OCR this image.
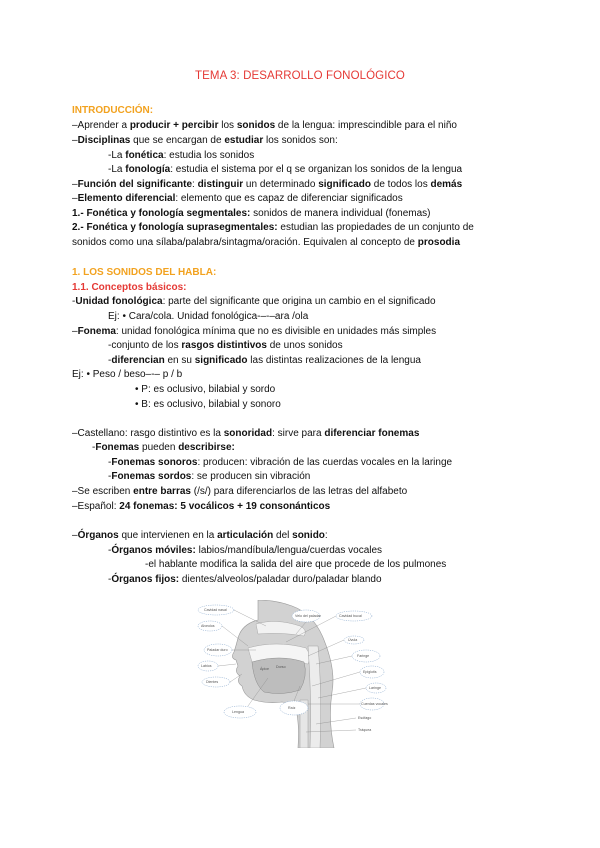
TEMA 3: DESARROLLO FONOLÓGICO
INTRODUCCIÓN:
–Aprender a producir + percibir los sonidos de la lengua: imprescindible para el niño
–Disciplinas que se encargan de estudiar los sonidos son:
-La fonética: estudia los sonidos
-La fonología: estudia el sistema por el q se organizan los sonidos de la lengua
–Función del significante: distinguir un determinado significado de todos los demás
–Elemento diferencial: elemento que es capaz de diferenciar significados
1.- Fonética y fonología segmentales: sonidos de manera individual (fonemas)
2.- Fonética y fonología suprasegmentales: estudian las propiedades de un conjunto de
sonidos como una sílaba/palabra/sintagma/oración. Equivalen al concepto de prosodia
1. LOS SONIDOS DEL HABLA:
1.1. Conceptos básicos:
-Unidad fonológica: parte del significante que origina un cambio en el significado
Ej: • Cara/cola. Unidad fonológica-–-–ara /ola
–Fonema: unidad fonológica mínima que no es divisible en unidades más simples
-conjunto de los rasgos distintivos de unos sonidos
-diferencian en su significado las distintas realizaciones de la lengua
Ej: • Peso / beso–-– p / b
• P: es oclusivo, bilabial y sordo
• B: es oclusivo, bilabial y sonoro
–Castellano: rasgo distintivo es la sonoridad: sirve para diferenciar fonemas
-Fonemas pueden describirse:
-Fonemas sonoros: producen: vibración de las cuerdas vocales en la laringe
-Fonemas sordos: se producen sin vibración
–Se escriben entre barras (/s/) para diferenciarlos de las letras del alfabeto
–Español: 24 fonemas: 5 vocálicos + 19 consonánticos
–Órganos que intervienen en la articulación del sonido:
-Órganos móviles: labios/mandíbula/lengua/cuerdas vocales
-el hablante modifica la salida del aire que procede de los pulmones
-Órganos fijos: dientes/alveolos/paladar duro/paladar blando
Cavidad nasal
Alveolos
Velo del paladar	Cavidad bucal
Úvula
Paladar duro
Labios
Dientes
Lengua
Ápice Dorso
Raíz
Epiglotis
Faringe
Laringe
Cuerdas vocales
Esófago
Tráquea
